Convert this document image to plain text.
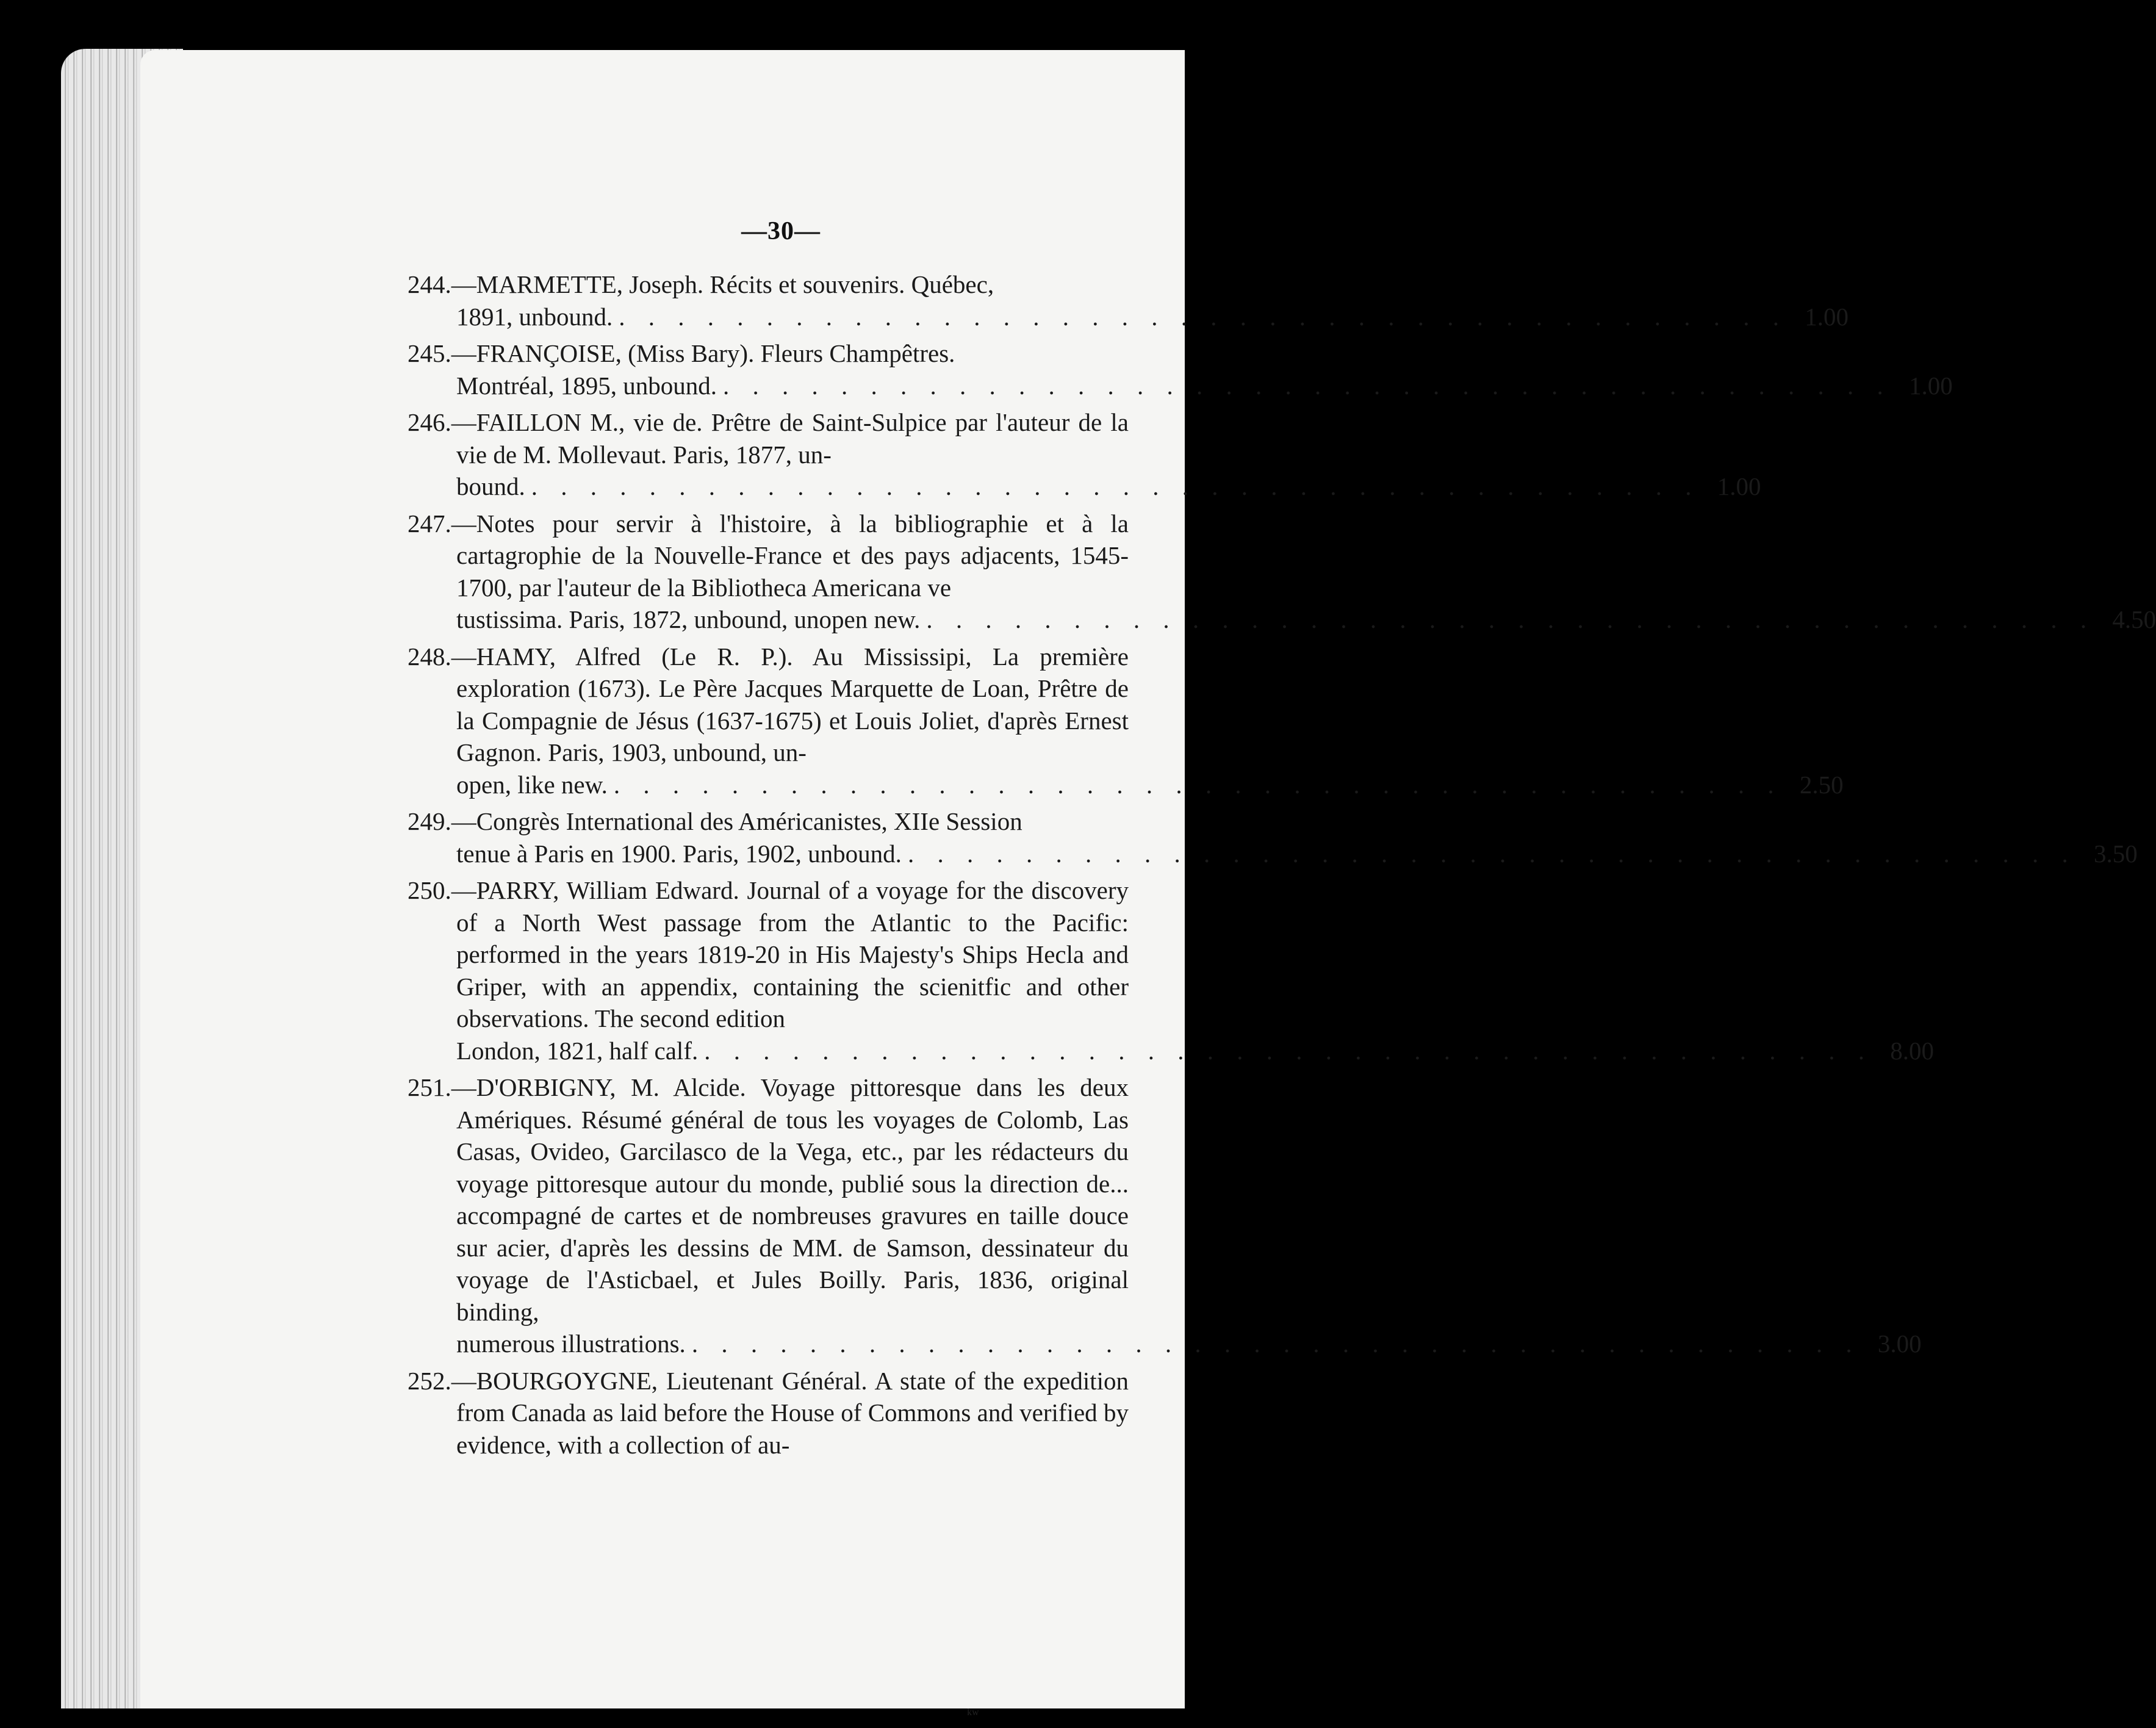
—30—
244.—MARMETTE, Joseph. Récits et souvenirs. Québec,
1891, unbound. . . . . . . . . . . . . . . . . . . . . . . . . . . . . . . . . . . . . . . . . 1.00
245.—FRANÇOISE, (Miss Bary). Fleurs Champêtres.
Montréal, 1895, unbound. . . . . . . . . . . . . . . . . . . . . . . . . . . . . . . . . . . . . . . . . 1.00
246.—FAILLON M., vie de. Prêtre de Saint-Sulpice par l'auteur de la vie de M. Mollevaut. Paris, 1877, un-
bound. . . . . . . . . . . . . . . . . . . . . . . . . . . . . . . . . . . . . . . . . 1.00
247.—Notes pour servir à l'histoire, à la bibliographie et à la cartagrophie de la Nouvelle-France et des pays adjacents, 1545-1700, par l'auteur de la Bibliotheca Americana ve
tustissima. Paris, 1872, unbound, unopen new. . . . . . . . . . . . . . . . . . . . . . . . . . . . . . . . . . . . . . . . . 4.50
248.—HAMY, Alfred (Le R. P.). Au Mississipi, La première exploration (1673). Le Père Jacques Marquette de Loan, Prêtre de la Compagnie de Jésus (1637-1675) et Louis Joliet, d'après Ernest Gagnon. Paris, 1903, unbound, un-
open, like new. . . . . . . . . . . . . . . . . . . . . . . . . . . . . . . . . . . . . . . . . 2.50
249.—Congrès International des Américanistes, XIIe Session
tenue à Paris en 1900. Paris, 1902, unbound. . . . . . . . . . . . . . . . . . . . . . . . . . . . . . . . . . . . . . . . . 3.50
250.—PARRY, William Edward. Journal of a voyage for the discovery of a North West passage from the Atlantic to the Pacific: performed in the years 1819-20 in His Majesty's Ships Hecla and Griper, with an appendix, containing the scienitfic and other observations. The second edition
London, 1821, half calf. . . . . . . . . . . . . . . . . . . . . . . . . . . . . . . . . . . . . . . . . 8.00
251.—D'ORBIGNY, M. Alcide. Voyage pittoresque dans les deux Amériques. Résumé général de tous les voyages de Colomb, Las Casas, Ovideo, Garcilasco de la Vega, etc., par les rédacteurs du voyage pittoresque autour du monde, publié sous la direction de... accompagné de cartes et de nombreuses gravures en taille douce sur acier, d'après les dessins de MM. de Samson, dessinateur du voyage de l'Asticbael, et Jules Boilly. Paris, 1836, original binding,
numerous illustrations. . . . . . . . . . . . . . . . . . . . . . . . . . . . . . . . . . . . . . . . . 3.00
252.—BOURGOYGNE, Lieutenant Général. A state of the expedition from Canada as laid before the House of Commons and verified by evidence, with a collection of au-
ᵏʷ
